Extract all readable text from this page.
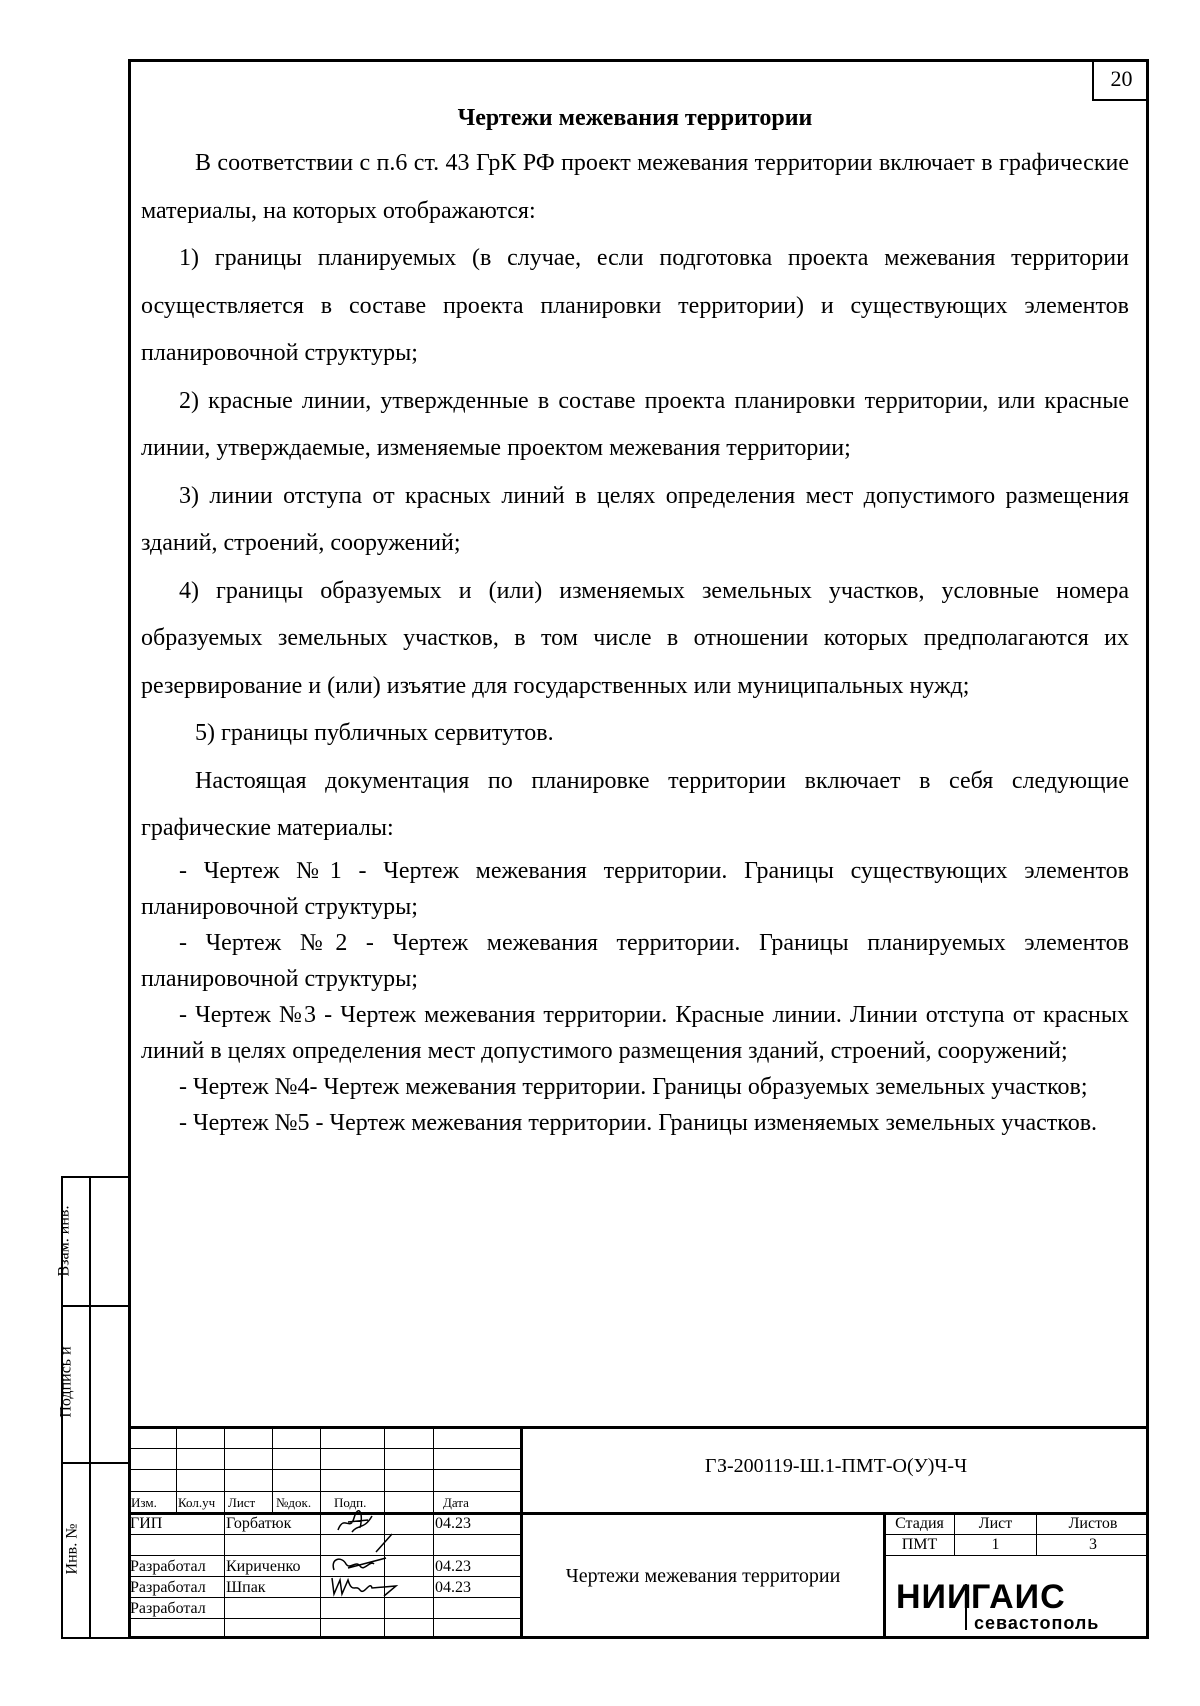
20

Чертежи межевания территории

В соответствии с п.6 ст. 43 ГрК РФ проект межевания территории включает в графические материалы, на которых отображаются:

1) границы планируемых (в случае, если подготовка проекта межевания территории осуществляется в составе проекта планировки территории) и существующих элементов планировочной структуры;

2) красные линии, утвержденные в составе проекта планировки территории, или красные линии, утверждаемые, изменяемые проектом межевания территории;

3) линии отступа от красных линий в целях определения мест допустимого размещения зданий, строений, сооружений;

4) границы образуемых и (или) изменяемых земельных участков, условные номера образуемых земельных участков, в том числе в отношении которых предполагаются их резервирование и (или) изъятие для государственных или муниципальных нужд;

5) границы публичных сервитутов.

Настоящая документация по планировке территории включает в себя следующие графические материалы:

- Чертеж №1 - Чертеж межевания территории. Границы существующих элементов планировочной структуры;

- Чертеж №2 - Чертеж межевания территории. Границы планируемых элементов планировочной структуры;

- Чертеж №3 - Чертеж межевания территории. Красные линии. Линии отступа от красных линий в целях определения мест допустимого размещения зданий, строений, сооружений;

- Чертеж №4- Чертеж межевания территории. Границы образуемых земельных участков;

- Чертеж №5 - Чертеж межевания территории. Границы изменяемых земельных участков.

Взам. инв.
Подпись и
Инв. №
Изм. Кол.уч Лист №док. Подп.	Дата
ГИП	Горбатюк	04.23
Разработал Кириченко	04.23
Разработал Шпак	04.23
Разработал
ГЗ-200119-Ш.1-ПМТ-О(У)Ч-Ч
Чертежи межевания территории
Стадия	Лист	Листов
ПМТ	1	3
НИИ
ГАИС
севастополь
